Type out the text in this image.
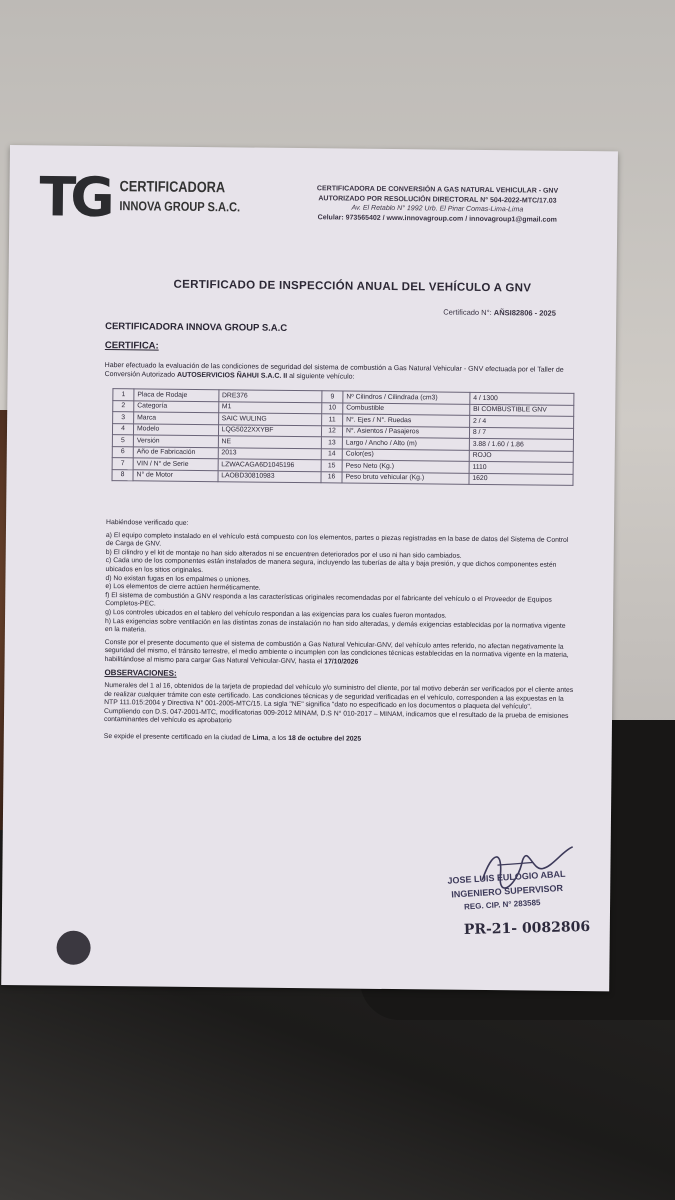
TG CERTIFICADORA
INNOVA GROUP S.A.C.
CERTIFICADORA DE CONVERSIÓN A GAS NATURAL VEHICULAR - GNV
AUTORIZADO POR RESOLUCIÓN DIRECTORAL N° 504-2022-MTC/17.03
Av. El Retablo N° 1992 Urb. El Pinar Comas-Lima-Lima
Celular: 973565402 / www.innovagroup.com / innovagroup1@gmail.com
CERTIFICADO DE INSPECCIÓN ANUAL DEL VEHÍCULO A GNV
Certificado N°: AÑSI82806 - 2025
CERTIFICADORA INNOVA GROUP S.A.C
CERTIFICA:
Haber efectuado la evaluación de las condiciones de seguridad del sistema de combustión a Gas Natural Vehicular - GNV efectuada por el Taller de Conversión Autorizado AUTOSERVICIOS ÑAHUI S.A.C. II al siguiente vehículo:
1	Placa de Rodaje	DRE376	9	Nº Cilindros / Cilindrada (cm3)	4 / 1300
2	Categoría	M1	10	Combustible	BI COMBUSTIBLE GNV
3	Marca	SAIC WULING	11	N°. Ejes / N°. Ruedas	2 / 4
4	Modelo	LQG5022XXYBF	12	N°. Asientos / Pasajeros	8 / 7
5	Versión	NE	13	Largo / Ancho / Alto (m)	3.88 / 1.60 / 1.86
6	Año de Fabricación	2013	14	Color(es)	ROJO
7	VIN / N° de Serie	LZWACAGA6D1045196	15	Peso Neto (Kg.)	1110
8	N° de Motor	LAOBD30810983	16	Peso bruto vehicular (Kg.)	1620

Habiéndose verificado que:

a) El equipo completo instalado en el vehículo está compuesto con los elementos, partes o piezas registradas en la base de datos del Sistema de Control de Carga de GNV.

b) El cilindro y el kit de montaje no han sido alterados ni se encuentren deteriorados por el uso ni han sido cambiados.

c) Cada uno de los componentes están instalados de manera segura, incluyendo las tuberías de alta y baja presión, y que dichos componentes estén ubicados en los sitios originales.

d) No existan fugas en los empalmes o uniones.

e) Los elementos de cierre actúen herméticamente.

f) El sistema de combustión a GNV responda a las características originales recomendadas por el fabricante del vehículo o el Proveedor de Equipos Completos-PEC.

g) Los controles ubicados en el tablero del vehículo respondan a las exigencias para los cuales fueron montados.

h) Las exigencias sobre ventilación en las distintas zonas de instalación no han sido alteradas, y demás exigencias establecidas por la normativa vigente en la materia.

Conste por el presente documento que el sistema de combustión a Gas Natural Vehicular-GNV, del vehículo antes referido, no afectan negativamente la seguridad del mismo, el tránsito terrestre, el medio ambiente o incumplen con las condiciones técnicas establecidas en la normativa vigente en la materia, habilitándose al mismo para cargar Gas Natural Vehicular-GNV, hasta el 17/10/2026

OBSERVACIONES:

Numerales del 1 al 16, obtenidos de la tarjeta de propiedad del vehículo y/o suministro del cliente, por tal motivo deberán ser verificados por el cliente antes de realizar cualquier trámite con este certificado. Las condiciones técnicas y de seguridad verificadas en el vehículo, corresponden a las expuestas en la NTP 111.015:2004 y Directiva N° 001-2005-MTC/15. La sigla "NE" significa "dato no especificado en los documentos o plaqueta del vehículo".

Cumpliendo con D.S. 047-2001-MTC, modificatorias 009-2012 MINAM, D.S N° 010-2017 – MINAM, indicamos que el resultado de la prueba de emisiones contaminantes del vehículo es aprobatorio

Se expide el presente certificado en la ciudad de Lima, a los 18 de octubre del 2025

JOSE LUIS EULOGIO ABAL
INGENIERO SUPERVISOR
REG. CIP. N° 283585
PR-21- 0082806
